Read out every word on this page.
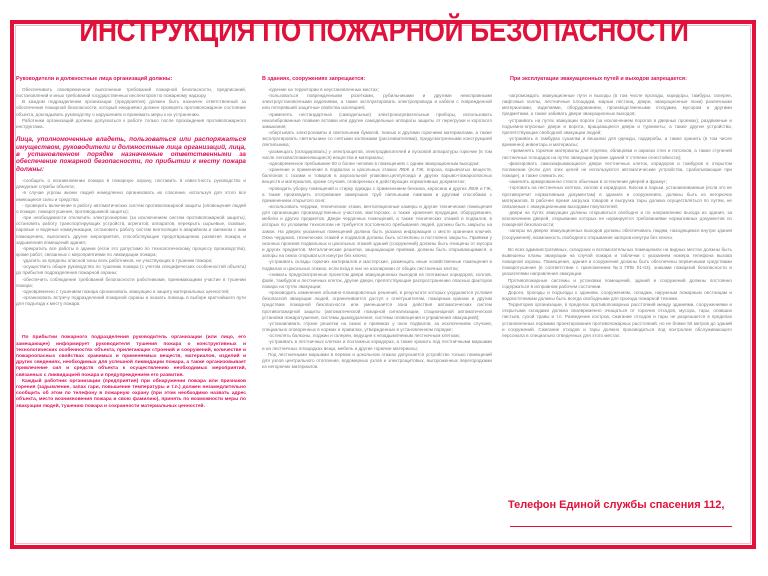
ИНСТРУКЦИЯ ПО ПОЖАРНОЙ БЕЗОПАСНОСТИ
Руководители и должностные лица организаций должны:

Обеспечивать своевременное выполнение требований пожарной безопасности, предписаний, постановлений и иных требований государственных инспекторов по пожарному надзору.

В каждом подразделении организации (предприятия) должен быть назначен ответственный за обеспечение пожарной безопасности, который ежедневно должен проверять противопожарное состояние объекта, докладывать руководству о нарушениях и принимать меры к их устранению.

Работники организаций должны допускаться к работе только после прохождения противопожарного инструктажа.

Лица, уполномоченные владеть, пользоваться или распоряжаться имуществом, руководители и должностные лица организаций, лица, в установленном порядке назначенные ответственными за обеспечение пожарной безопасности, по прибытии к месту пожара должны:

-сообщить о возникновении пожара в пожарную охрану, поставить в известность руководство и дежурные службы объекта;

-в случае угрозы жизни людей немедленно организовать их спасение, используя для этого все имеющиеся силы и средства;

- проверить включение в работу автоматических систем противопожарной защиты (оповещения людей о пожаре, пожаротушения, противодымной защиты);

-при необходимости отключить электроэнергию (за исключением систем противопожарной защиты), остановить работу транспортирующих устройств, агрегатов, аппаратов, перекрыть сырьевые, газовые, паровые и водяные коммуникации, остановить работу систем вентиляции в аварийном и смежном с ним помещениях, выполнить другие мероприятия, способствующие предотвращению развития пожара и задымления помещений здания;

-прекратить все работы в здании (если это допустимо по технологическому процессу производства), кроме работ, связанных с мероприятиями по ликвидации пожара;

-удалить за пределы опасной зоны всех работников, не участвующих в тушении пожара;

-осуществить общее руководство по тушению пожара (с учетом специфических особенностей объекта) до прибытия подразделения пожарной охраны;

-обеспечить соблюдение требований безопасности работниками, принимающими участие в тушении пожара;

-одновременно с тушением пожара организовать эвакуацию и защиту материальных ценностей;

-организовать встречу подразделений пожарной охраны и оказать помощь в выборе кратчайшего пути для подъезда к месту пожара.

По прибытии пожарного подразделения руководитель организации (или лицо, его замещающее) информирует руководителя тушения пожара о конструктивных и технологических особенностях объекта, прилегающих строений и сооружений, количестве и пожароопасных свойствах хранимых и применяемых веществ, материалов, изделий и других сведениях, необходимых для успешной ликвидации пожара, а также организовывает привлечение сил и средств объекта к осуществлению необходимых мероприятий, связанных с ликвидацией пожара и предупреждением его развития.

Каждый работник организации (предприятия) при обнаружении пожара или признаков горения (задымление, запах гари, повышение температуры и т.п.) должен незамедлительно сообщить об этом по телефону в пожарную охрану (при этом необходимо назвать адрес объекта, место возникновения пожара и свою фамилию), принять по возможности меры по эвакуации людей, тушению пожара и сохранности материальных ценностей.

В зданиях, сооружениях запрещается:

-курение на территории в неустановленных местах;

-пользоваться поврежденными розетками, рубильниками и другими неисправными электроустановочными изделиями, а также эксплуатировать электропровода и кабели с поврежденной или потерявшей защитные свойства изоляцией;

-применять нестандартные (самодельные) электронагревательные приборы, использовать некалиброванные плавкие вставки или другие самодельные аппараты защиты от перегрузки и короткого замыкания;

-обертывать электролампы и светильники бумагой, тканью и другими горючими материалами, а также эксплуатировать светильники со снятыми колпаками (рассеивателями), предусмотренными конструкцией светильника;

-размещать (складировать) у электрощитов, электродвигателей и пусковой аппаратуры горючие (в том числе легковоспламеняющиеся) вещества и материалы;

-одновременное пребывание 50 и более человек в помещениях с одним эвакуационным выходом;

-хранение и применение в подвалах и цокольных этажах ЛВЖ и ГЖ, пороха, взрывчатых веществ, баллонов с газами и товаров в аэрозольной упаковке,целлулоида и других взрыво-пожароопасных веществ и материалов, кроме случаев, оговоренных в действующих нормативных документах;

-проводить уборку помещений и стирку одежды с применением бензина, керосина и других ЛВЖ и ГЖ, а также производить отогревание замерзших труб паяльными лампами и другими способами с применением открытого огня;

-использовать чердаки, технические этажи, вентиляционные камеры и другие технические помещения для организации производственных участков, мастерских, а также хранения продукции, оборудования, мебели и других предметов. Двери чердачных помещений, а также технических этажей и подвалов, в которых по условиям технологии не требуется постоянного пребывания людей, должны быть закрыты на замок. На дверях указанных помещений должна быть указана информация о месте хранения ключей. Окна чердаков, технических этажей и подвалов должны быть остеклены и постоянно закрыты. Приямки у оконных проемов подвальных и цокольных этажей зданий (сооружений) должны быть очищены от мусора и других предметов. Металлические решетки, защищающие приямки, должны быть открывающимися, а запоры на окнах открываться изнутри без ключа;

-устраивать склады горючих материалов и мастерские, размещать иные хозяйственные помещения в подвалах и цокольных этажах, если вход в них не изолирован от общих лестничных клеток;

-снимать предусмотренные проектом двери эвакуационных выходов из поэтажных коридоров, холлов, фойе, тамбуров и лестничных клеток, другие двери, препятствующие распространению опасных факторов пожара на путях эвакуации;

-производить изменения объемно-планировочных решений, в результате которых ухудшаются условия безопасной эвакуации людей, ограничивается доступ к огнетушителям, пожарным кранам и другим средствам пожарной безопасности или уменьшается зона действия автоматических систем противопожарной защиты (автоматической пожарной сигнализации, стационарной автоматической установки пожаротушения, системы дымоудаления, системы оповещения и управления эвакуацией);

-устанавливать глухие решетки на окнах и приямках у окон подвалов, за исключением случаев, специально оговоренных в нормах и правилах, утвержденных в установленном порядке;

-остеклять балконы, лоджии и галереи, ведущие к незадымляемым лестничным клеткам;

-устраивать в лестничных клетках и поэтажных коридорах, а также хранить под лестничными маршами и на лестничных площадках вещи, мебель и другие горючие материалы;

Под лестничными маршами в первом и цокольном этажах допускается устройство только помещений для узлов центрального отопления, водомерных узлов и электрощитовых, выгороженных перегородками из негорючих материалов.

При эксплуатации эвакуационных путей и выходов запрещается:

-загромождать эвакуационные пути и выходы (в том числе проходы, коридоры, тамбуры, галереи, лифтовые холлы, лестничные площадки, марши лестниц, двери, эвакуационные люки) различными материалами, изделиями, оборудованием, производственными отходами, мусором и другими предметами, а также забивать двери эвакуационных выходов;

-устраивать на путях эвакуации пороги (за исключением порогов в дверных проемах), раздвижные и подъемно-опускные двери и ворота, вращающиеся двери и турникеты, а также другие устройства, препятствующие свободной эвакуации людей;

-устраивать в тамбурах сушилки и вешалки для одежды, гардеробы, а также хранить (в том числе временно) инвентарь и материалы;

- применять горючие материалы для отделки, облицовки и окраски стен и потолков, а также ступеней лестничных площадок на путях эвакуации (кроме зданий V степени огнестойкости);

-фиксировать самозакрывающиеся двери лестничных клеток, коридоров и тамбуров в открытом положении (если для этих целей не используются автоматические устройства, срабатывающие при пожаре), а также снимать их;

-заменять армированное стекло обычным в остеклении дверей и фрамуг;

-торговать на лестничных клетках, холлах и коридорах. Киоски и ларьки, устанавливаемые (если это не противоречит нормативным документам) в зданиях и сооружениях, должны быть из негорючих материалов. В рабочее время загрузка товаров и выгрузка тары должна осуществляться по путям, не связанным с эвакуационными выходами покупателей;

-двери на путях эвакуации должны открываться свободно и по направлению выхода из здания, за исключением дверей, открывание которых не нормируется требованиями нормативных документов по пожарной безопасности;

-запоры на дверях эвакуационных выходов должны обеспечивать людям, находящимся внутри здания (сооружения), возможность свободного открывания запоров изнутри без ключа.

Во всех административных, складских и вспомогательных помещениях на видных местах должны быть вывешены планы эвакуации на случай пожара и таблички с указанием номера телефона вызова пожарной охраны. Помещения, здания и сооружения должны быть обеспечены первичными средствами пожаротушения (в соответствии с приложением №3 ППБ 01-03), знаками пожарной безопасности и указателями направления эвакуации.

Противопожарные системы и установки помещений, зданий и сооружений должны постоянно содержаться в исправном рабочем состоянии.

Дороги, проезды и подъезды к зданиям, сооружениям, складам, наружным пожарным лестницам и водоисточникам должны быть всегда свободными для проезда пожарной техники.

Территория организации, в пределах противопожарных расстояний между зданиями, сооружениями и открытыми складами должна своевременно очищаться от горючих отходов, мусора, тары, опавших листьев, сухой травы и т.п. Разведение костров, сжигание отходов и тары не разрешается в пределах установленных нормами проектирования противопожарных расстояний, но не ближе 50 метров до зданий и сооружений. Сжигание отходов и тары должно производиться под контролем обслуживающего персонала в специально отведенных для этого местах.

Телефон Единой службы спасения 112,
